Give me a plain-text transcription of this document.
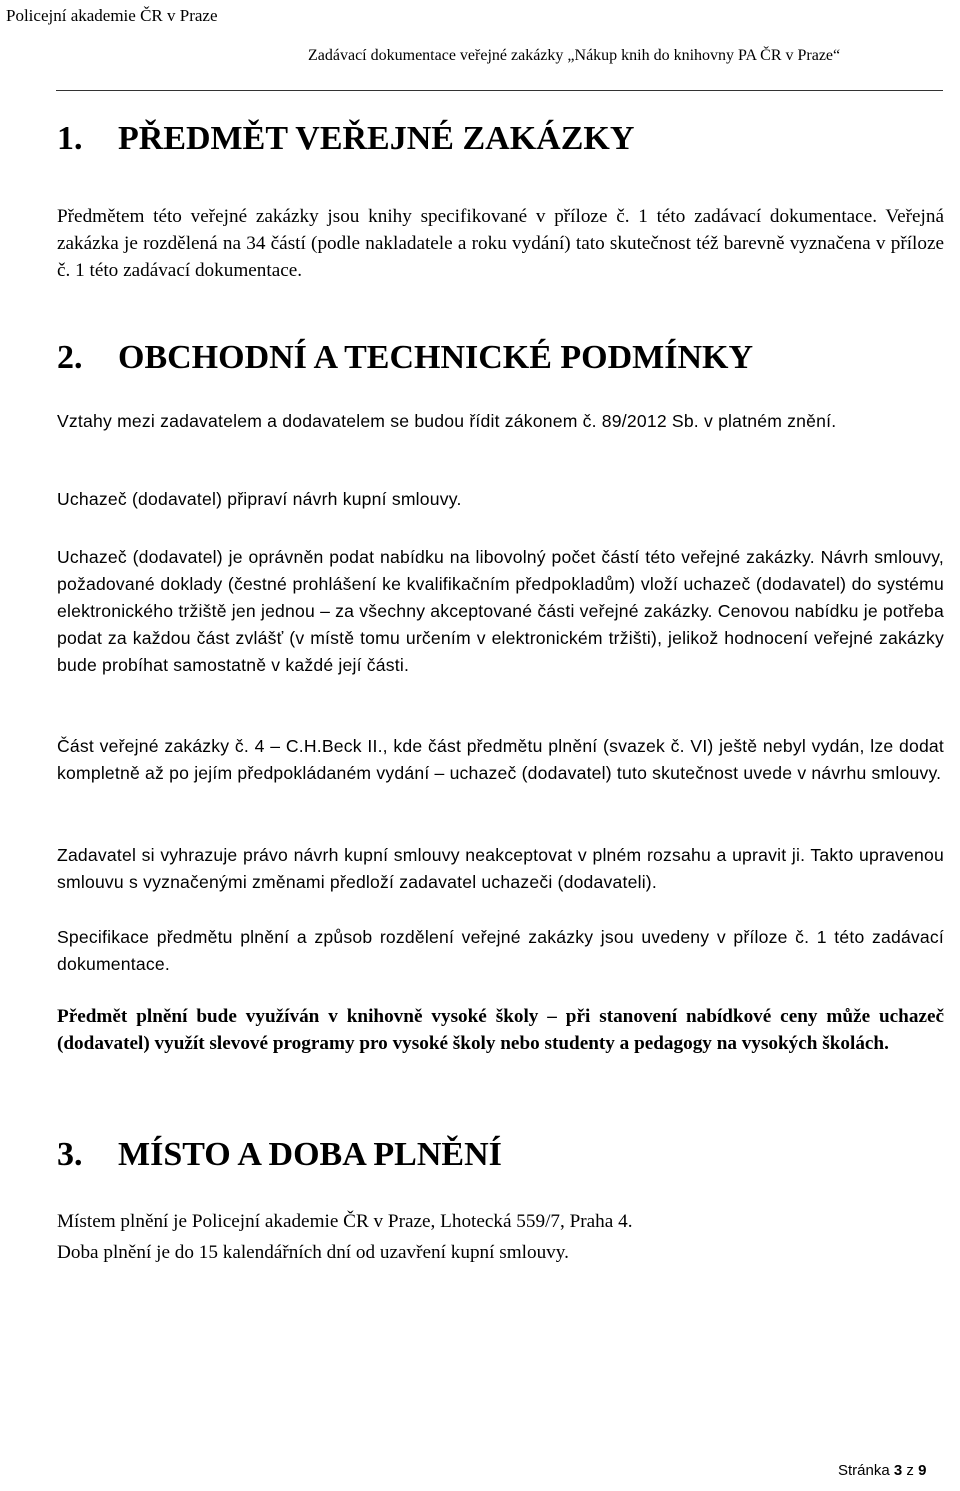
Policejní akademie ČR v Praze
Zadávací dokumentace veřejné zakázky „Nákup knih do knihovny PA ČR v Praze“
1. PŘEDMĚT VEŘEJNÉ ZAKÁZKY
Předmětem této veřejné zakázky jsou knihy specifikované v příloze č. 1 této zadávací dokumentace. Veřejná zakázka je rozdělená na 34 částí (podle nakladatele a roku vydání) tato skutečnost též barevně vyznačena v příloze č. 1 této zadávací dokumentace.
2. OBCHODNÍ A TECHNICKÉ PODMÍNKY
Vztahy mezi zadavatelem a dodavatelem se budou řídit zákonem č. 89/2012 Sb. v platném znění.
Uchazeč (dodavatel) připraví návrh kupní smlouvy.
Uchazeč (dodavatel) je oprávněn podat nabídku na libovolný počet částí této veřejné zakázky. Návrh smlouvy, požadované doklady (čestné prohlášení ke kvalifikačním předpokladům) vloží uchazeč (dodavatel) do systému elektronického tržiště jen jednou – za všechny akceptované části veřejné zakázky. Cenovou nabídku je potřeba podat za každou část zvlášť (v místě tomu určením v elektronickém tržišti), jelikož hodnocení veřejné zakázky bude probíhat samostatně v každé její části.
Část veřejné zakázky č. 4 – C.H.Beck II., kde část předmětu plnění (svazek č. VI) ještě nebyl vydán, lze dodat kompletně až po jejím předpokládaném vydání – uchazeč (dodavatel) tuto skutečnost uvede v návrhu smlouvy.
Zadavatel si vyhrazuje právo návrh kupní smlouvy neakceptovat v plném rozsahu a upravit ji. Takto upravenou smlouvu s vyznačenými změnami předloží zadavatel uchazeči (dodavateli).
Specifikace předmětu plnění a způsob rozdělení veřejné zakázky jsou uvedeny v příloze č. 1 této zadávací dokumentace.
Předmět plnění bude využíván v knihovně vysoké školy – při stanovení nabídkové ceny může uchazeč (dodavatel) využít slevové programy pro vysoké školy nebo studenty a pedagogy na vysokých školách.
3. MÍSTO A DOBA PLNĚNÍ
Místem plnění je Policejní akademie ČR v Praze, Lhotecká 559/7, Praha 4.
Doba plnění je do 15 kalendářních dní od uzavření kupní smlouvy.
Stránka 3 z 9
